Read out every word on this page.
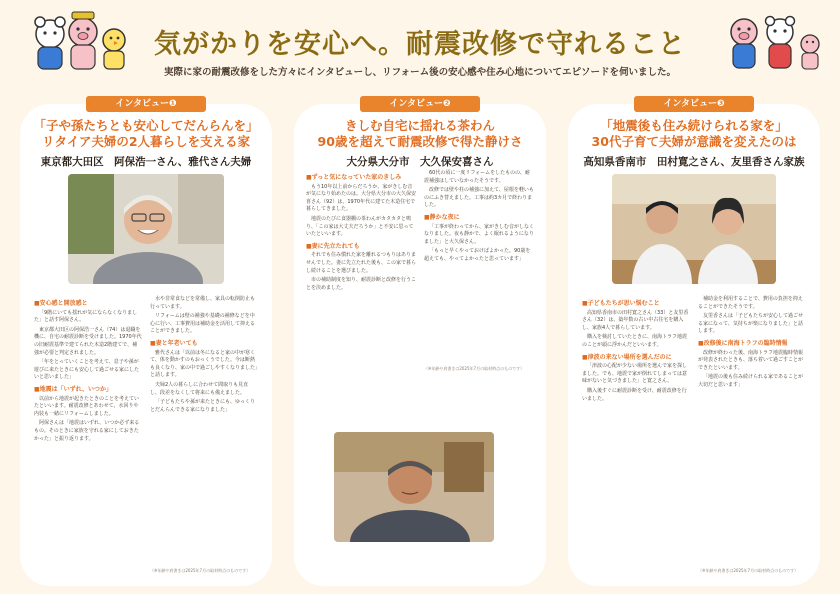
気がかりを安心へ。耐震改修で守れること
実際に家の耐震改修をした方々にインタビューし、リフォーム後の安心感や住み心地についてエピソードを伺いました。
インタビュー❶
「子や孫たちとも安心してだんらんを」
リタイア夫婦の2人暮らしを支える家
東京都大田区　阿保浩一さん、雅代さん夫婦
■安心感と開放感と

「9階にいても揺れが気にならなくなりました」と話す阿保さん。

東京都大田区の阿保浩一さん（74）は退職を機に、自宅の耐震診断を受けました。1970年代の旧耐震基準で建てられた木造2階建てで、補強が必要と判定されました。

「年をとっていくことを考えて、息子や孫が遊びに来たときにも安心して過ごせる家にしたいと思いました」

■地震は「いずれ、いつか」

以前から地震が起きたときのことを考えていたといいます。耐震改修とあわせて、水回りや内装も一緒にリフォームしました。

阿保さんは「地震はいずれ、いつか必ず来るもの。そのときに家族を守れる家にしておきたかった」と振り返ります。

水や非常食などを常備し、家具の転倒防止も行っています。

リフォームは壁の補強や基礎の補修などを中心に行い、工事費用は補助金を活用して抑えることができました。

■妻と年老いても

雅代さんは「以前は冬になると家の中が寒くて、体を動かすのもおっくうでした。今は断熱も良くなり、家の中で過ごしやすくなりました」と話します。

夫婦2人の暮らしに合わせて間取りも見直し、段差をなくして将来にも備えました。

「子どもたちや孫が来たときにも、ゆっくりとだんらんできる家になりました」

（※年齢や肩書きは2025年7月の取材時点のものです）
インタビュー❷
きしむ自宅に揺れる茶わん
90歳を超えて耐震改修で得た静けさ
大分県大分市　大久保安喜さん
■ずっと気になっていた家のきしみ

もう10年以上前からだろうか。家がきしむ音が気になり始めたのは。大分県大分市の大久保安喜さん（92）は、1970年代に建てた木造住宅で暮らしてきました。

地震のたびに食器棚の茶わんがカタカタと鳴り、「この家は大丈夫だろうか」と不安に思っていたといいます。

■妻に先立たれても

それでも住み慣れた家を離れるつもりはありませんでした。妻に先立たれた後も、この家で暮らし続けることを選びました。

市の補助制度を知り、耐震診断と改修を行うことを決めました。

60代の頃に一度リフォームをしたものの、耐震補強はしていなかったそうです。

改修では壁や柱の補強に加えて、屋根を軽いものにふき替えました。工事は約3カ月で終わりました。

■静かな夜に

「工事が終わってから、家がきしむ音がしなくなりました。夜も静かで、よく眠れるようになりました」と大久保さん。

「もっと早くやっておけばよかった。90歳を超えても、やってよかったと思っています」

（※年齢や肩書きは2025年7月の取材時点のものです）
インタビュー❸
「地震後も住み続けられる家を」
30代子育て夫婦が意識を変えたのは
高知県香南市　田村寛之さん、友里香さん家族
■子どもたちが思い悩むこと

高知県香南市の田村寛之さん（33）と友里香さん（32）は、築年数の古い中古住宅を購入し、家族4人で暮らしています。

購入を検討していたときに、南海トラフ地震のことが頭に浮かんだといいます。

■津波の来ない場所を選んだのに

「津波の心配が少ない場所を選んで家を探しました。でも、地震で家が倒れてしまっては意味がないと気づきました」と寛之さん。

購入後すぐに耐震診断を受け、耐震改修を行いました。

補助金を利用することで、費用の負担を抑えることができたそうです。

友里香さんは「子どもたちが安心して過ごせる家になって、気持ちが楽になりました」と話します。

■改修後に南海トラフの臨時情報

改修が終わった後、南海トラフ地震臨時情報が発表されたときも、落ち着いて過ごすことができたといいます。

「地震の後も住み続けられる家であることが大切だと思います」

（※年齢や肩書きは2025年7月の取材時点のものです）
